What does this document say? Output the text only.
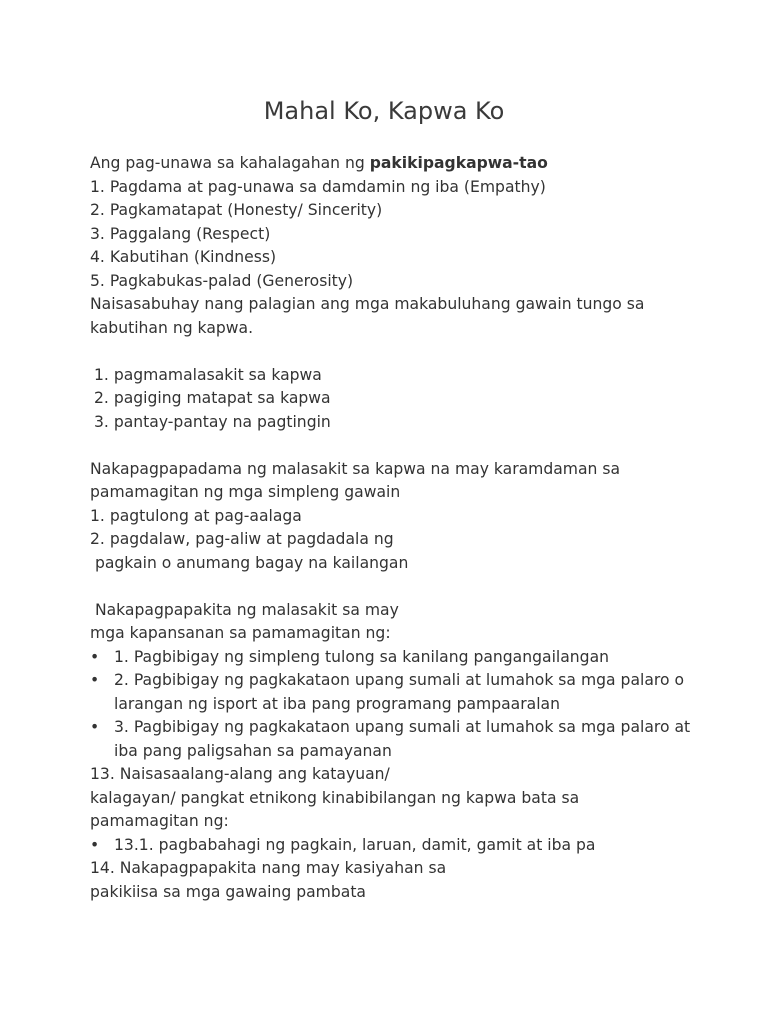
Mahal Ko, Kapwa Ko
Ang pag-unawa sa kahalagahan ng pakikipagkapwa-tao
1. Pagdama at pag-unawa sa damdamin ng iba (Empathy)
2. Pagkamatapat (Honesty/ Sincerity)
3. Paggalang (Respect)
4. Kabutihan (Kindness)
5. Pagkabukas-palad (Generosity)
Naisasabuhay nang palagian ang mga makabuluhang gawain tungo sa
kabutihan ng kapwa.
1. pagmamalasakit sa kapwa
2. pagiging matapat sa kapwa
3. pantay-pantay na pagtingin
Nakapagpapadama ng malasakit sa kapwa na may karamdaman sa
pamamagitan ng mga simpleng gawain
1. pagtulong at pag-aalaga
2. pagdalaw, pag-aliw at pagdadala ng
pagkain o anumang bagay na kailangan
Nakapagpapakita ng malasakit sa may
mga kapansanan sa pamamagitan ng:
• 1. Pagbibigay ng simpleng tulong sa kanilang pangangailangan
• 2. Pagbibigay ng pagkakataon upang sumali at lumahok sa mga palaro o
larangan ng isport at iba pang programang pampaaralan
• 3. Pagbibigay ng pagkakataon upang sumali at lumahok sa mga palaro at
iba pang paligsahan sa pamayanan
13. Naisasaalang-alang ang katayuan/
kalagayan/ pangkat etnikong kinabibilangan ng kapwa bata sa
pamamagitan ng:
• 13.1. pagbabahagi ng pagkain, laruan, damit, gamit at iba pa
14. Nakapagpapakita nang may kasiyahan sa
pakikiisa sa mga gawaing pambata
